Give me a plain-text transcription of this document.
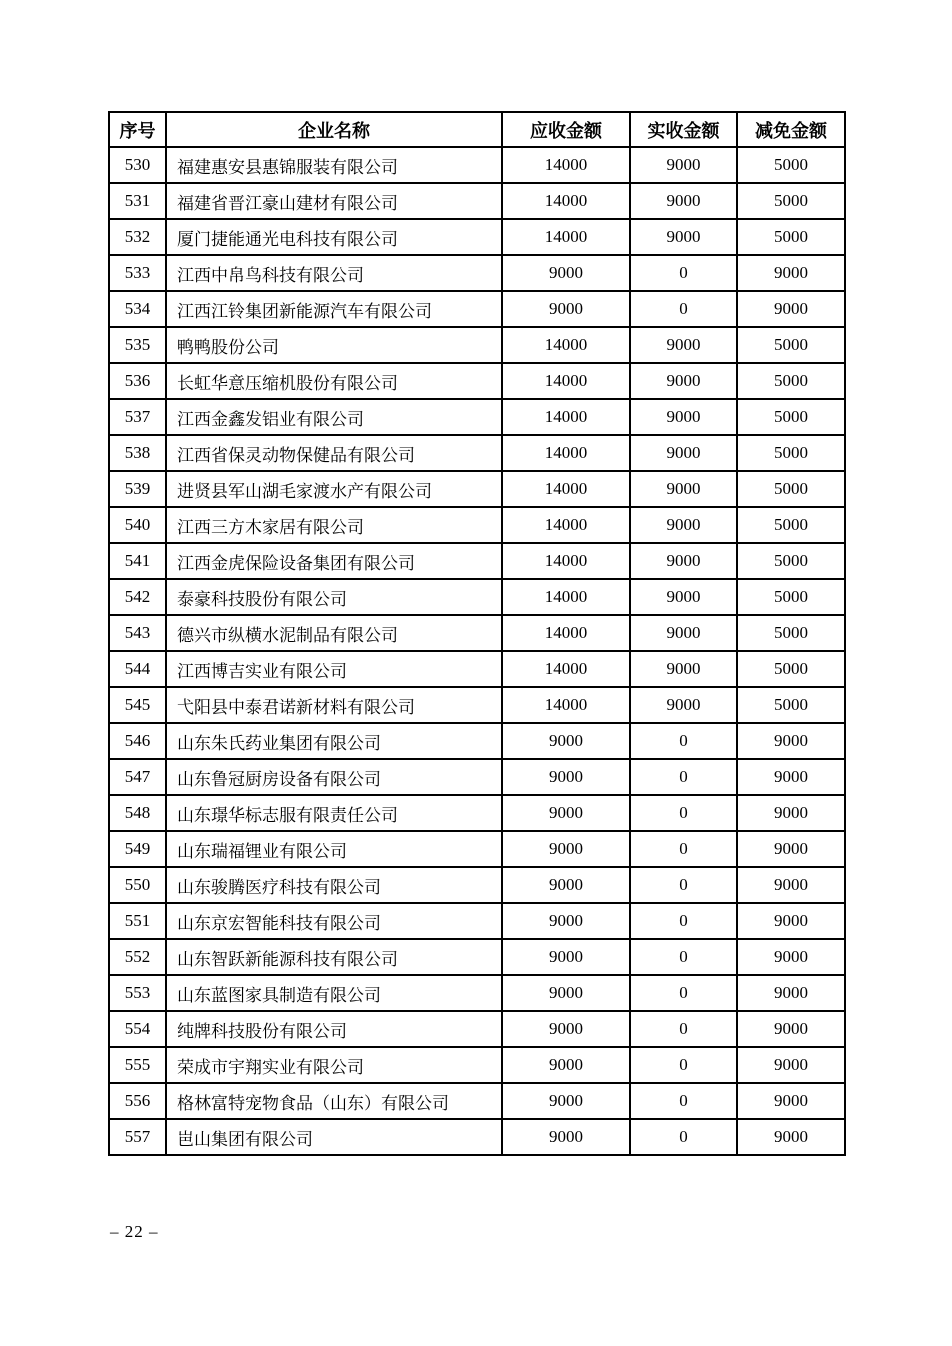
序号	企业名称	应收金额	实收金额	减免金额
530	福建惠安县惠锦服装有限公司	14000	9000	5000
531	福建省晋江豪山建材有限公司	14000	9000	5000
532	厦门捷能通光电科技有限公司	14000	9000	5000
533	江西中帛鸟科技有限公司	9000	0	9000
534	江西江铃集团新能源汽车有限公司	9000	0	9000
535	鸭鸭股份公司	14000	9000	5000
536	长虹华意压缩机股份有限公司	14000	9000	5000
537	江西金鑫发铝业有限公司	14000	9000	5000
538	江西省保灵动物保健品有限公司	14000	9000	5000
539	进贤县军山湖毛家渡水产有限公司	14000	9000	5000
540	江西三方木家居有限公司	14000	9000	5000
541	江西金虎保险设备集团有限公司	14000	9000	5000
542	泰豪科技股份有限公司	14000	9000	5000
543	德兴市纵横水泥制品有限公司	14000	9000	5000
544	江西博吉实业有限公司	14000	9000	5000
545	弋阳县中泰君诺新材料有限公司	14000	9000	5000
546	山东朱氏药业集团有限公司	9000	0	9000
547	山东鲁冠厨房设备有限公司	9000	0	9000
548	山东璟华标志服有限责任公司	9000	0	9000
549	山东瑞福锂业有限公司	9000	0	9000
550	山东骏腾医疗科技有限公司	9000	0	9000
551	山东京宏智能科技有限公司	9000	0	9000
552	山东智跃新能源科技有限公司	9000	0	9000
553	山东蓝图家具制造有限公司	9000	0	9000
554	纯牌科技股份有限公司	9000	0	9000
555	荣成市宇翔实业有限公司	9000	0	9000
556	格林富特宠物食品（山东）有限公司	9000	0	9000
557	岜山集团有限公司	9000	0	9000
– 22 –
